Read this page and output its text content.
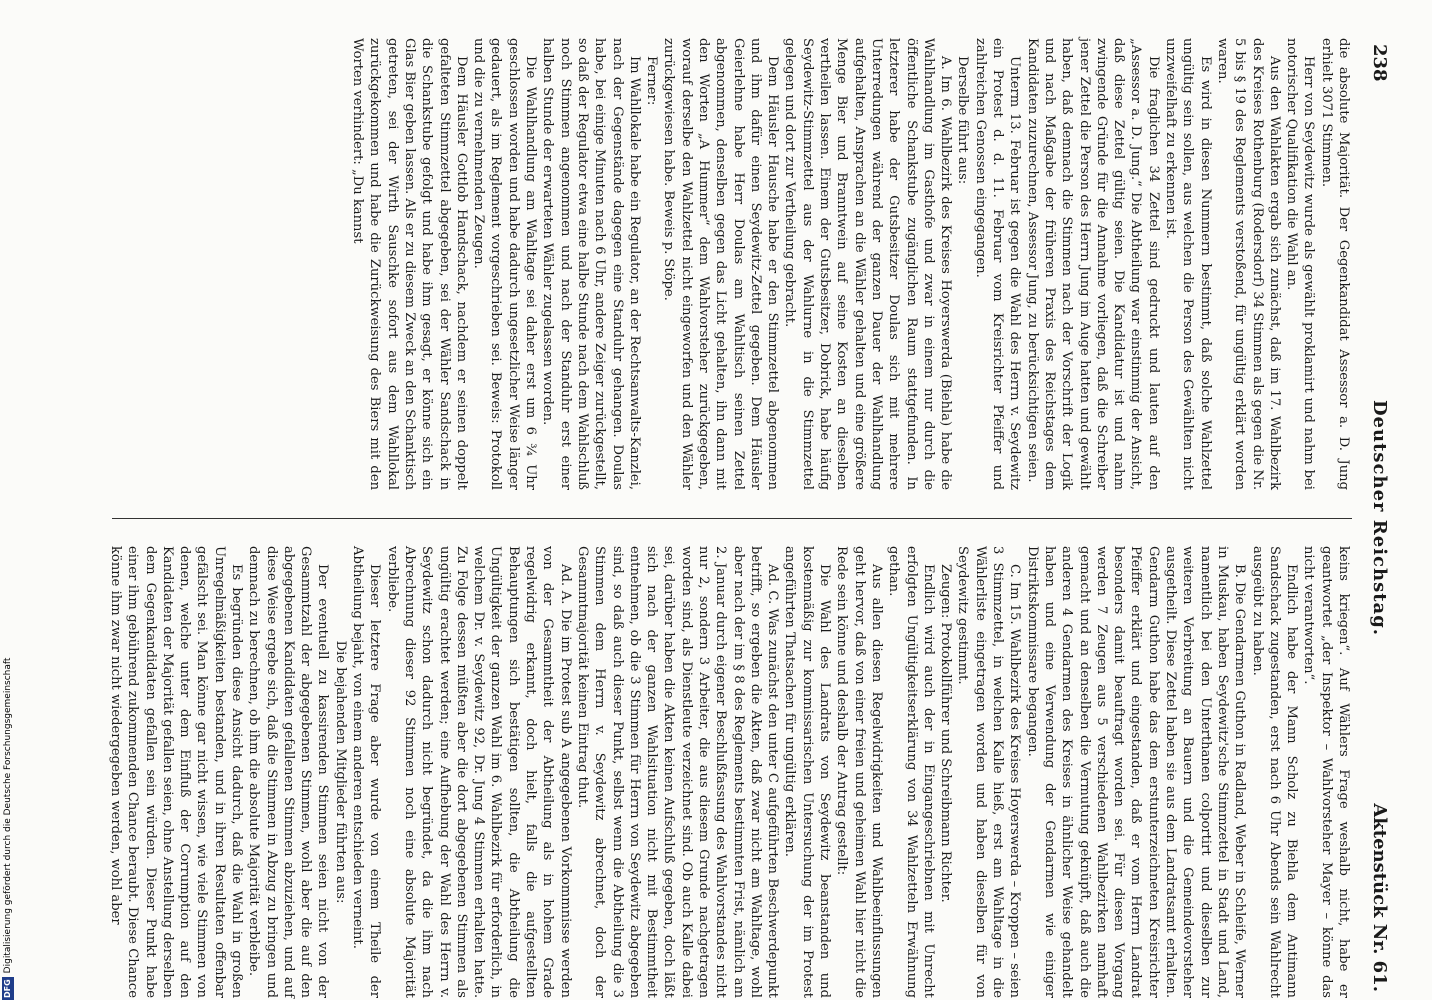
238
Deutscher Reichstag.
Aktenstück Nr. 61.

die absolute Majorität. Der Gegenkandidat Assessor a. D. Jung erhielt 3071 Stimmen.

Herr von Seydewitz wurde als gewählt proklamirt und nahm bei notorischer Qualifikation die Wahl an.

Aus den Wahlakten ergab sich zunächst, daß im 17. Wahlbezirk des Kreises Rothenburg (Rodersdorf) 34 Stimmen als gegen die Nr. 5 bis § 19 des Reglements verstoßend, für ungültig erklärt worden waren.

Es wird in diesen Nummern bestimmt, daß solche Wahlzettel ungültig sein sollen, aus welchen die Person des Gewählten nicht unzweifelhaft zu erkennen ist.

Die fraglichen 34 Zettel sind gedruckt und lauten auf den „Assessor a. D. Jung.“ Die Abtheilung war einstimmig der Ansicht, daß diese Zettel gültig seien. Die Kandidatur ist und nahm zwingende Gründe für die Annahme vorliegen, daß die Schreiber jener Zettel die Person des Herrn Jung im Auge hatten und gewählt haben, daß demnach die Stimmen nach der Vorschrift der Logik und nach Maßgabe der früheren Praxis des Reichstages dem Kandidaten zuzurechnen, Assessor Jung, zu berücksichtigen seien.

Unterm 13. Februar ist gegen die Wahl des Herrn v. Seydewitz ein Protest d. d. 11. Februar vom Kreisrichter Pfeiffer und zahlreichen Genossen eingegangen.

Derselbe führt aus:

A. Im 6. Wahlbezirk des Kreises Hoyerswerda (Biehla) habe die Wahlhandlung im Gasthofe und zwar in einem nur durch die öffentliche Schankstube zugänglichen Raum stattgefunden. In letzterer habe der Gutsbesitzer Doulas sich mit mehrere Unterredungen während der ganzen Dauer der Wahlhandlung aufgehalten, Ansprachen an die Wähler gehalten und eine größere Menge Bier und Branntwein auf seine Kosten an dieselben vertheilen lassen. Einem der Gutsbesitzer, Dobrick, habe häufig Seydewitz-Stimmzettel aus der Wahlurne in die Stimmzettel gelegen und dort zur Vertheilung gebracht.

Dem Häusler Hausche habe er den Stimmzettel abgenommen und ihm dafür einen Seydewitz-Zettel gegeben. Dem Häusler Geierlehne habe Herr Doulas am Wahltisch seinen Zettel abgenommen, denselben gegen das Licht gehalten, ihn dann mit den Worten „A Hummer“ dem Wahlvorsteher zurückgegeben, worauf derselbe den Wahlzettel nicht eingeworfen und den Wähler zurückgewiesen habe. Beweis p. Stöpe.

Ferner:

Im Wahllokale habe ein Regulator, an der Rechtsanwalts-Kanzlei, nach der Gegenstände dagegen eine Standuhr gehangen. Doulas habe, bei einige Minuten nach 6 Uhr, andere Zeiger zurückgestellt, so daß der Regulator etwa eine halbe Stunde nach dem Wahlschluß noch Stimmen angenommen und nach der Standuhr erst einer halben Stunde der erwarteten Wähler zugelassen worden.

Die Wahlhandlung am Wahltage sei daher erst um 6 ¾ Uhr geschlossen worden und habe dadurch ungesetzlicher Weise länger gedauert, als im Reglement vorgeschrieben sei. Beweis: Protokoll und die zu vernehmenden Zeugen.

Dem Häusler Gottlob Handschack, nachdem er seinen doppelt gefalteten Stimmzettel abgegeben, sei der Wähler Sandschack in die Schankstube gefolgt und habe ihm gesagt, er könne sich ein Glas Bier geben lassen. Als er zu diesem Zweck an den Schanktisch getreten, sei der Wirth Sauschke sofort aus dem Wahllokal zurückgekommen und habe die Zurückweisung des Biers mit den Worten verhindert: „Du kannst

keins kriegen“. Auf Wählers Frage weshalb nicht, habe er geantwortet „der Inspektor – Wahlvorsteher Mayer – könne das nicht verantworten“.

Endlich habe der Mann Scholz zu Biehla dem Antimann Sandschack zugestanden, erst nach 6 Uhr Abends sein Wahlrecht ausgeübt zu haben.

B. Die Gendarmen Guthon in Radland, Weber in Schleife, Werner in Muskau, haben Seydewitz'sche Stimmzettel in Stadt und Land, namentlich bei den Unterthanen colportirt und dieselben zur weiteren Verbreitung an Bauern und die Gemeindevorsteher ausgetheilt. Diese Zettel haben sie aus dem Landratsamt erhalten. Gendarm Guthon habe das dem erstunterzeichneten Kreisrichter Pfeiffer erklärt und eingestanden, daß er vom Herrn Landrat besonders damit beauftragt worden sei. Für diesen Vorgang werden 7 Zeugen aus 5 verschiedenen Wahlbezirken namhaft gemacht und an denselben die Vermutung geknüpft, daß auch die anderen 4 Gendarmen des Kreises in ähnlicher Weise gehandelt haben und eine Verwendung der Gendarmen wie einiger Distriktskommissare begangen.

C. Im 15. Wahlbezirk des Kreises Hoyerswerda – Kroppen – seien 3 Stimmzettel, in welchen Kalle hieß, erst am Wahltage in die Wählerliste eingetragen worden und haben dieselben für von Seydewitz gestimmt.

Zeugen: Protokollführer und Schreibmann Richter.

Endlich wird auch der in Eingangeschriebnen mit Unrecht erfolgten Ungültigkeitserklärung von 34 Wahlzetteln Erwähnung gethan.

Aus allen diesen Regelwidrigkeiten und Wahlbeeinflussungen geht hervor, daß von einer freien und geheimen Wahl hier nicht die Rede sein könne und deshalb der Antrag gestellt:

Die Wahl des Landrats von Seydewitz beanstanden und kostenmäßig zur kommissarischen Untersuchung der im Protest angeführten Thatsachen für ungültig erklären.

Ad. C. Was zunächst den unter C aufgeführten Beschwerdepunkt betrifft, so ergeben die Akten, daß zwar nicht am Wahltage, wohl aber nach der im § 8 des Reglements bestimmten Frist, nämlich am 2. Januar durch eigener Beschlußfassung des Wahlvorstandes nicht nur 2, sondern 3 Arbeiter, die aus diesem Grunde nachgetragen worden sind, als Dienstleute verzeichnet sind. Ob auch Kalle dabei sei, darüber haben die Akten keinen Aufschluß gegeben, doch läßt sich nach der ganzen Wahlsituation nicht mit Bestimmtheit entnehmen, ob die 3 Stimmen für Herrn von Seydewitz abgegeben sind, so daß auch dieser Punkt, selbst wenn die Abtheilung die 3 Stimmen dem Herrn v. Seydewitz abrechnet, doch der Gesammtmajorität keinen Eintrag thut.

Ad. A. Die im Protest sub A angegebenen Vorkommnisse werden von der Gesammtheit der Abtheilung als in hohem Grade regelwidrig erkannt, doch hielt, falls die aufgestellten Behauptungen sich bestätigen sollten, die Abtheilung die Ungültigkeit der ganzen Wahl im 6. Wahlbezirk für erforderlich, in welchem Dr. v. Seydewitz 92, Dr. Jung 4 Stimmen erhalten hatte. Zu Folge dessen müßten aber die dort abgegebenen Stimmen als ungültig erachtet werden; eine Aufhebung der Wahl des Herrn v. Seydewitz schon dadurch nicht begründet, da die ihm nach Abrechnung dieser 92 Stimmen noch eine absolute Majorität verbliebe.

Dieser letztere Frage aber wurde von einem Theile der Abtheilung bejaht, von einem anderen entschieden verneint.

Die bejahenden Mitglieder führten aus:

Der eventuell zu kassirenden Stimmen seien nicht von der Gesammtzahl der abgegebenen Stimmen, wohl aber die auf den abgegebenen Kandidaten gefallenen Stimmen abzuziehen, und auf diese Weise ergebe sich, daß die Stimmen in Abzug zu bringen und demnach zu berechnen, ob ihm die absolute Majorität verbleibe.

Es begründen diese Ansicht dadurch, daß die Wahl in großen Unregelmäßigkeiten bestanden, und in ihren Resultaten offenbar gefälscht sei. Man könne gar nicht wissen, wie viele Stimmen von denen, welche unter dem Einfluß der Corrumption auf den Kandidaten der Majorität gefallen seien, ohne Anstellung derselben dem Gegenkandidaten gefallen sein würden. Dieser Punkt habe einer ihm gebührend zukommenden Chance beraubt. Diese Chance könne ihm zwar nicht wiedergegeben werden, wohl aber

DFGDigitalisierung gefördert durch die Deutsche Forschungsgemeinschaft
